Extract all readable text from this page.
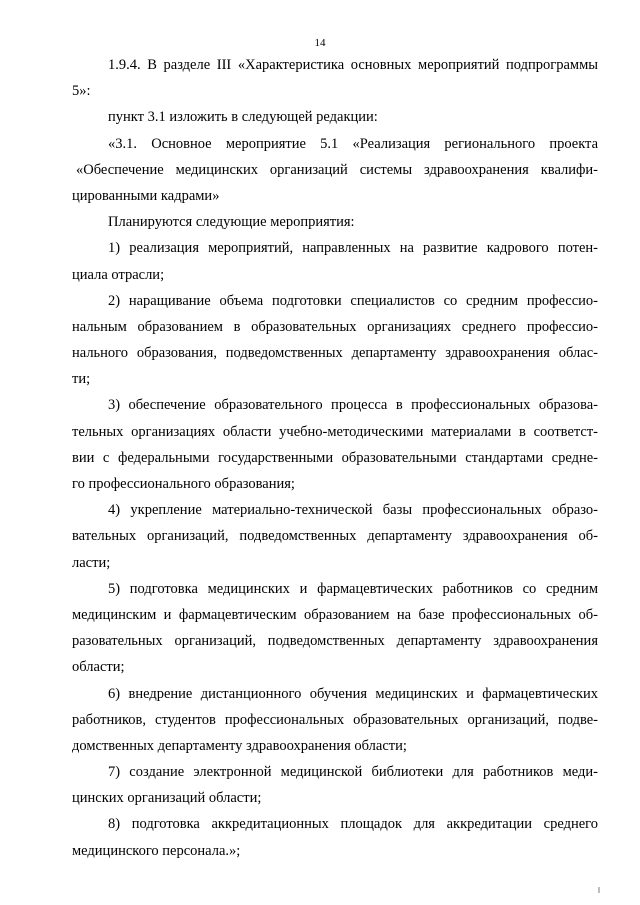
14
1.9.4. В разделе III «Характеристика основных мероприятий подпрограммы
5»:
пункт 3.1 изложить в следующей редакции:
«3.1. Основное мероприятие 5.1 «Реализация регионального проекта
«Обеспечение медицинских организаций системы здравоохранения квалифи-
цированными кадрами»
Планируются следующие мероприятия:
1) реализация мероприятий, направленных на развитие кадрового потен-
циала отрасли;
2) наращивание объема подготовки специалистов со средним профессио-
нальным образованием в образовательных организациях среднего профессио-
нального образования, подведомственных департаменту здравоохранения облас-
ти;
3) обеспечение образовательного процесса в профессиональных образова-
тельных организациях области учебно-методическими материалами в соответст-
вии с федеральными государственными образовательными стандартами средне-
го профессионального образования;
4) укрепление материально-технической базы профессиональных образо-
вательных организаций, подведомственных департаменту здравоохранения об-
ласти;
5) подготовка медицинских и фармацевтических работников со средним
медицинским и фармацевтическим образованием на базе профессиональных об-
разовательных организаций, подведомственных департаменту здравоохранения
области;
6) внедрение дистанционного обучения медицинских и фармацевтических
работников, студентов профессиональных образовательных организаций, подве-
домственных департаменту здравоохранения области;
7) создание электронной медицинской библиотеки для работников меди-
цинских организаций области;
8) подготовка аккредитационных площадок для аккредитации среднего
медицинского персонала.»;
